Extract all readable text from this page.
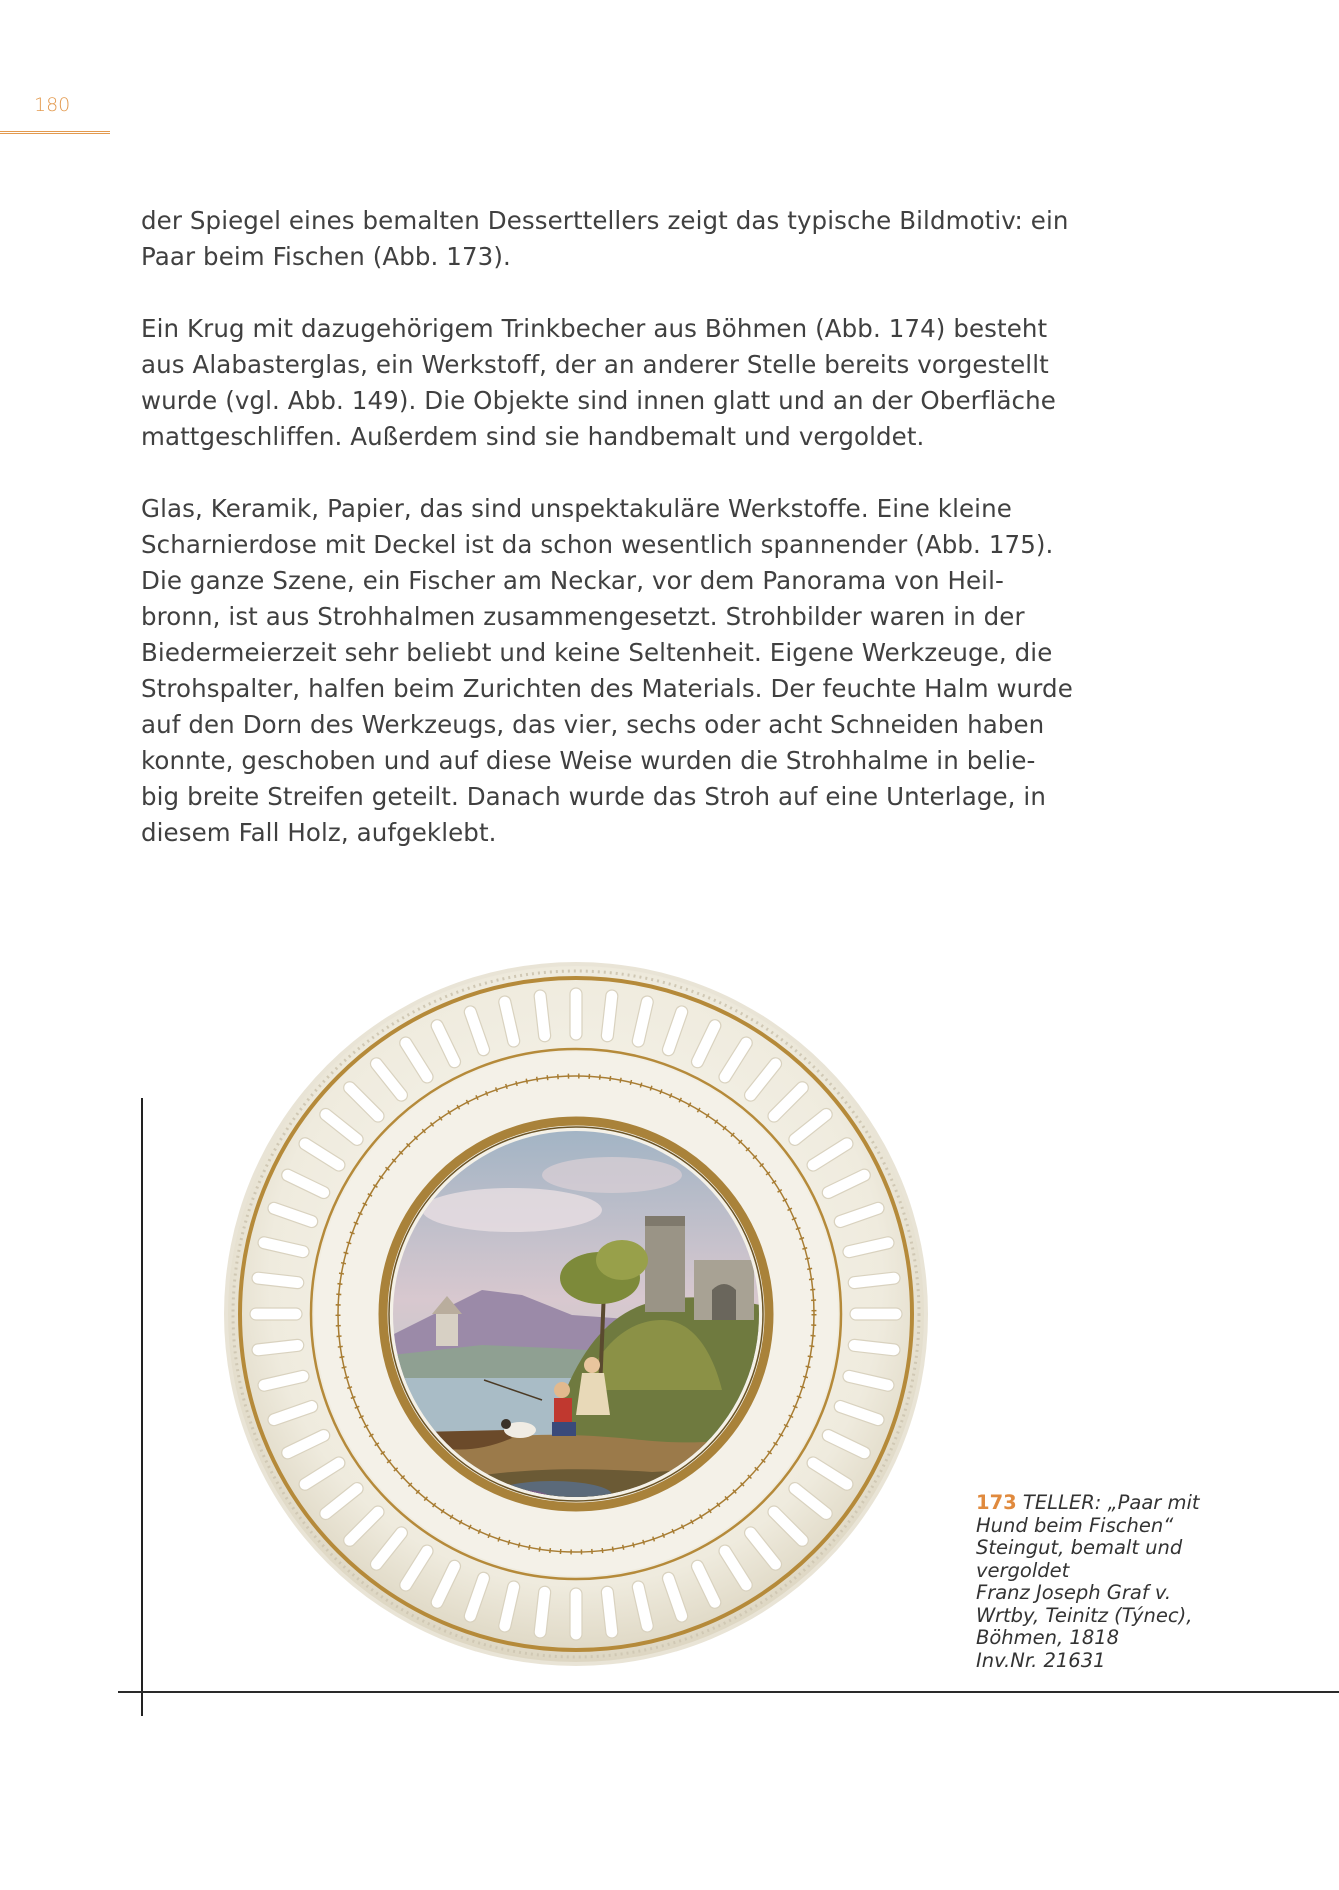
180

der Spiegel eines bemalten Desserttellers zeigt das typische Bildmotiv: ein
Paar beim Fischen (Abb. 173).

Ein Krug mit dazugehörigem Trinkbecher aus Böhmen (Abb. 174) besteht
aus Alabasterglas, ein Werkstoff, der an anderer Stelle bereits vorgestellt
wurde (vgl. Abb. 149). Die Objekte sind innen glatt und an der Oberfläche
mattgeschliffen. Außerdem sind sie handbemalt und vergoldet.

Glas, Keramik, Papier, das sind unspektakuläre Werkstoffe. Eine kleine
Scharnierdose mit Deckel ist da schon wesentlich spannender (Abb. 175).
Die ganze Szene, ein Fischer am Neckar, vor dem Panorama von Heil-
bronn, ist aus Strohhalmen zusammengesetzt. Strohbilder waren in der
Biedermeierzeit sehr beliebt und keine Seltenheit. Eigene Werkzeuge, die
Strohspalter, halfen beim Zurichten des Materials. Der feuchte Halm wurde
auf den Dorn des Werkzeugs, das vier, sechs oder acht Schneiden haben
konnte, geschoben und auf diese Weise wurden die Strohhalme in belie-
big breite Streifen geteilt. Danach wurde das Stroh auf eine Unterlage, in
diesem Fall Holz, aufgeklebt.

173 TELLER: „Paar mit
Hund beim Fischen“
Steingut, bemalt und
vergoldet
Franz Joseph Graf v.
Wrtby, Teinitz (Týnec),
Böhmen, 1818
Inv.Nr. 21631
